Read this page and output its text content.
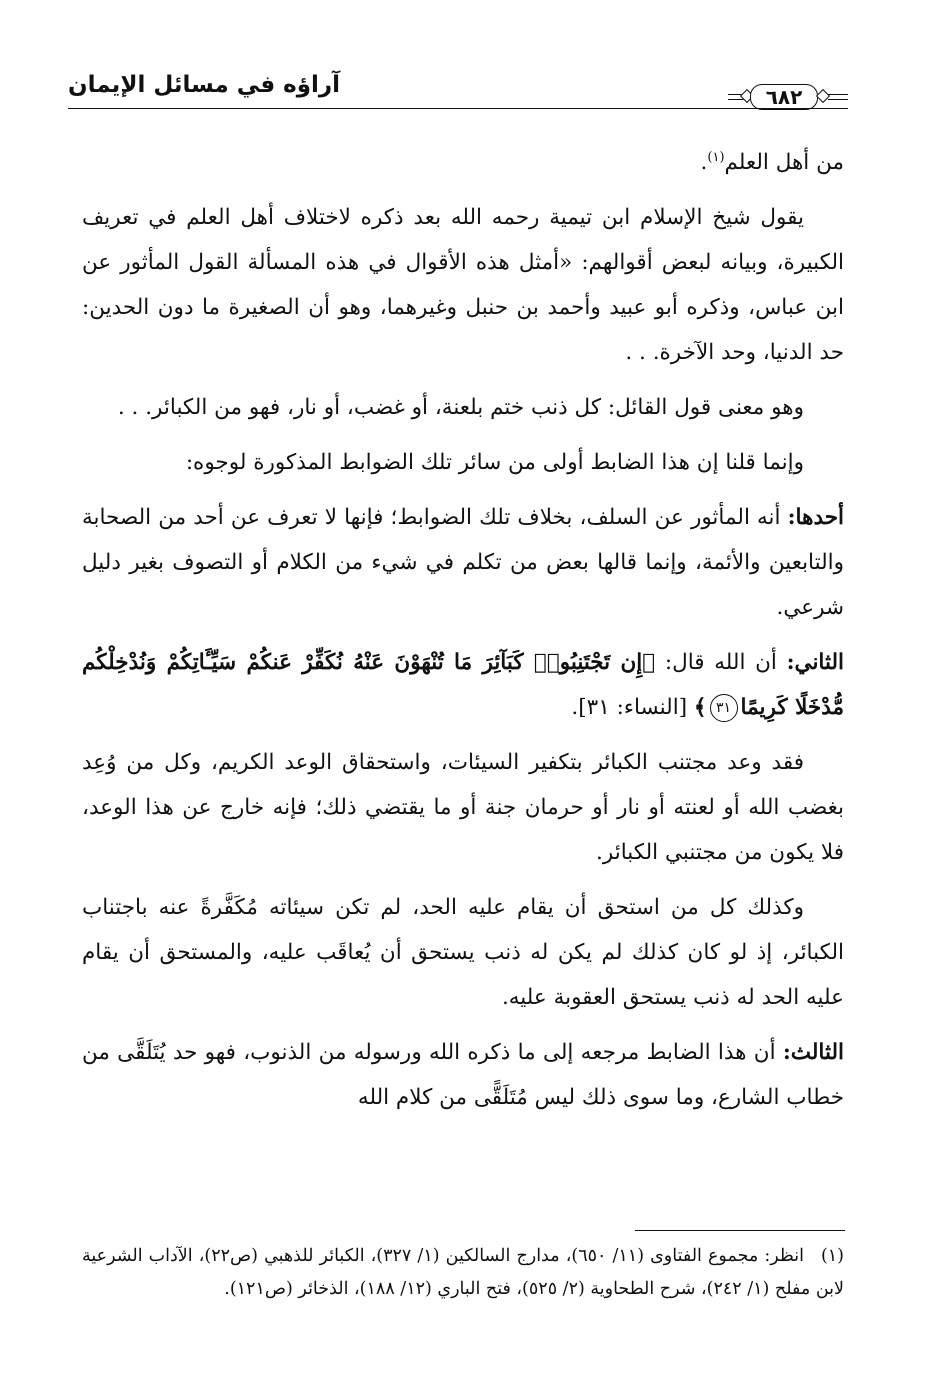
آراؤه في مسائل الإيمان	٦٨٢

من أهل العلم$^{(١)}$.

يقول شيخ الإسلام ابن تيمية رحمه الله بعد ذكره لاختلاف أهل العلم في تعريف الكبيرة، وبيانه لبعض أقوالهم: «أمثل هذه الأقوال في هذه المسألة القول المأثور عن ابن عباس، وذكره أبو عبيد وأحمد بن حنبل وغيرهما، وهو أن الصغيرة ما دون الحدين: حد الدنيا، وحد الآخرة. . .

وهو معنى قول القائل: كل ذنب ختم بلعنة، أو غضب، أو نار، فهو من الكبائر. . .

وإنما قلنا إن هذا الضابط أولى من سائر تلك الضوابط المذكورة لوجوه:

أحدها: أنه المأثور عن السلف، بخلاف تلك الضوابط؛ فإنها لا تعرف عن أحد من الصحابة والتابعين والأئمة، وإنما قالها بعض من تكلم في شيء من الكلام أو التصوف بغير دليل شرعي.

الثاني: أن الله قال: ﴿إِن تَجْتَنِبُوا۟ كَبَآئِرَ مَا تُنْهَوْنَ عَنْهُ نُكَفِّرْ عَنكُمْ سَيِّـَٔاتِكُمْ وَنُدْخِلْكُم مُّدْخَلًا كَرِيمًا٣١﴾ [النساء: ٣١].

فقد وعد مجتنب الكبائر بتكفير السيئات، واستحقاق الوعد الكريم، وكل من وُعِد بغضب الله أو لعنته أو نار أو حرمان جنة أو ما يقتضي ذلك؛ فإنه خارج عن هذا الوعد، فلا يكون من مجتنبي الكبائر.

وكذلك كل من استحق أن يقام عليه الحد، لم تكن سيئاته مُكَفَّرةً عنه باجتناب الكبائر، إذ لو كان كذلك لم يكن له ذنب يستحق أن يُعاقَب عليه، والمستحق أن يقام عليه الحد له ذنب يستحق العقوبة عليه.

الثالث: أن هذا الضابط مرجعه إلى ما ذكره الله ورسوله من الذنوب، فهو حد يُتَلَقَّى من خطاب الشارع، وما سوى ذلك ليس مُتَلَقًّى من كلام الله

(١)انظر: مجموع الفتاوى (١١/ ٦٥٠)، مدارج السالكين (١/ ٣٢٧)، الكبائر للذهبي (ص٢٢)، الآداب الشرعية لابن مفلح (١/ ٢٤٢)، شرح الطحاوية (٢/ ٥٢٥)، فتح الباري (١٢/ ١٨٨)، الذخائر (ص١٢١).
